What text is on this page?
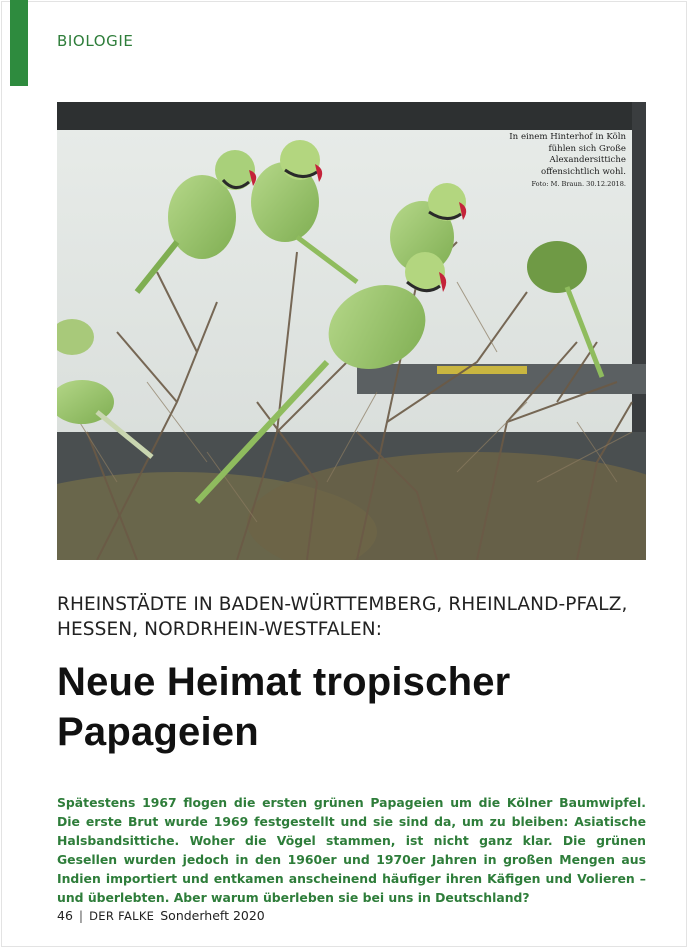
BIOLOGIE
In einem Hinterhof in Köln fühlen sich Große Alexandersittiche offensichtlich wohl.
Foto: M. Braun. 30.12.2018.
RHEINSTÄDTE IN BADEN-WÜRTTEMBERG, RHEINLAND-PFALZ, HESSEN, NORDRHEIN-WESTFALEN:
Neue Heimat tropischer Papageien
Spätestens 1967 flogen die ersten grünen Papageien um die Kölner Baumwipfel. Die erste Brut wurde 1969 festgestellt und sie sind da, um zu bleiben: Asiatische Halsbandsittiche. Woher die Vögel stammen, ist nicht ganz klar. Die grünen Gesellen wurden jedoch in den 1960er und 1970er Jahren in großen Mengen aus Indien importiert und entkamen anscheinend häufiger ihren Käfigen und Volieren – und überlebten. Aber warum überleben sie bei uns in Deutschland?
46 | DER FALKE Sonderheft 2020
